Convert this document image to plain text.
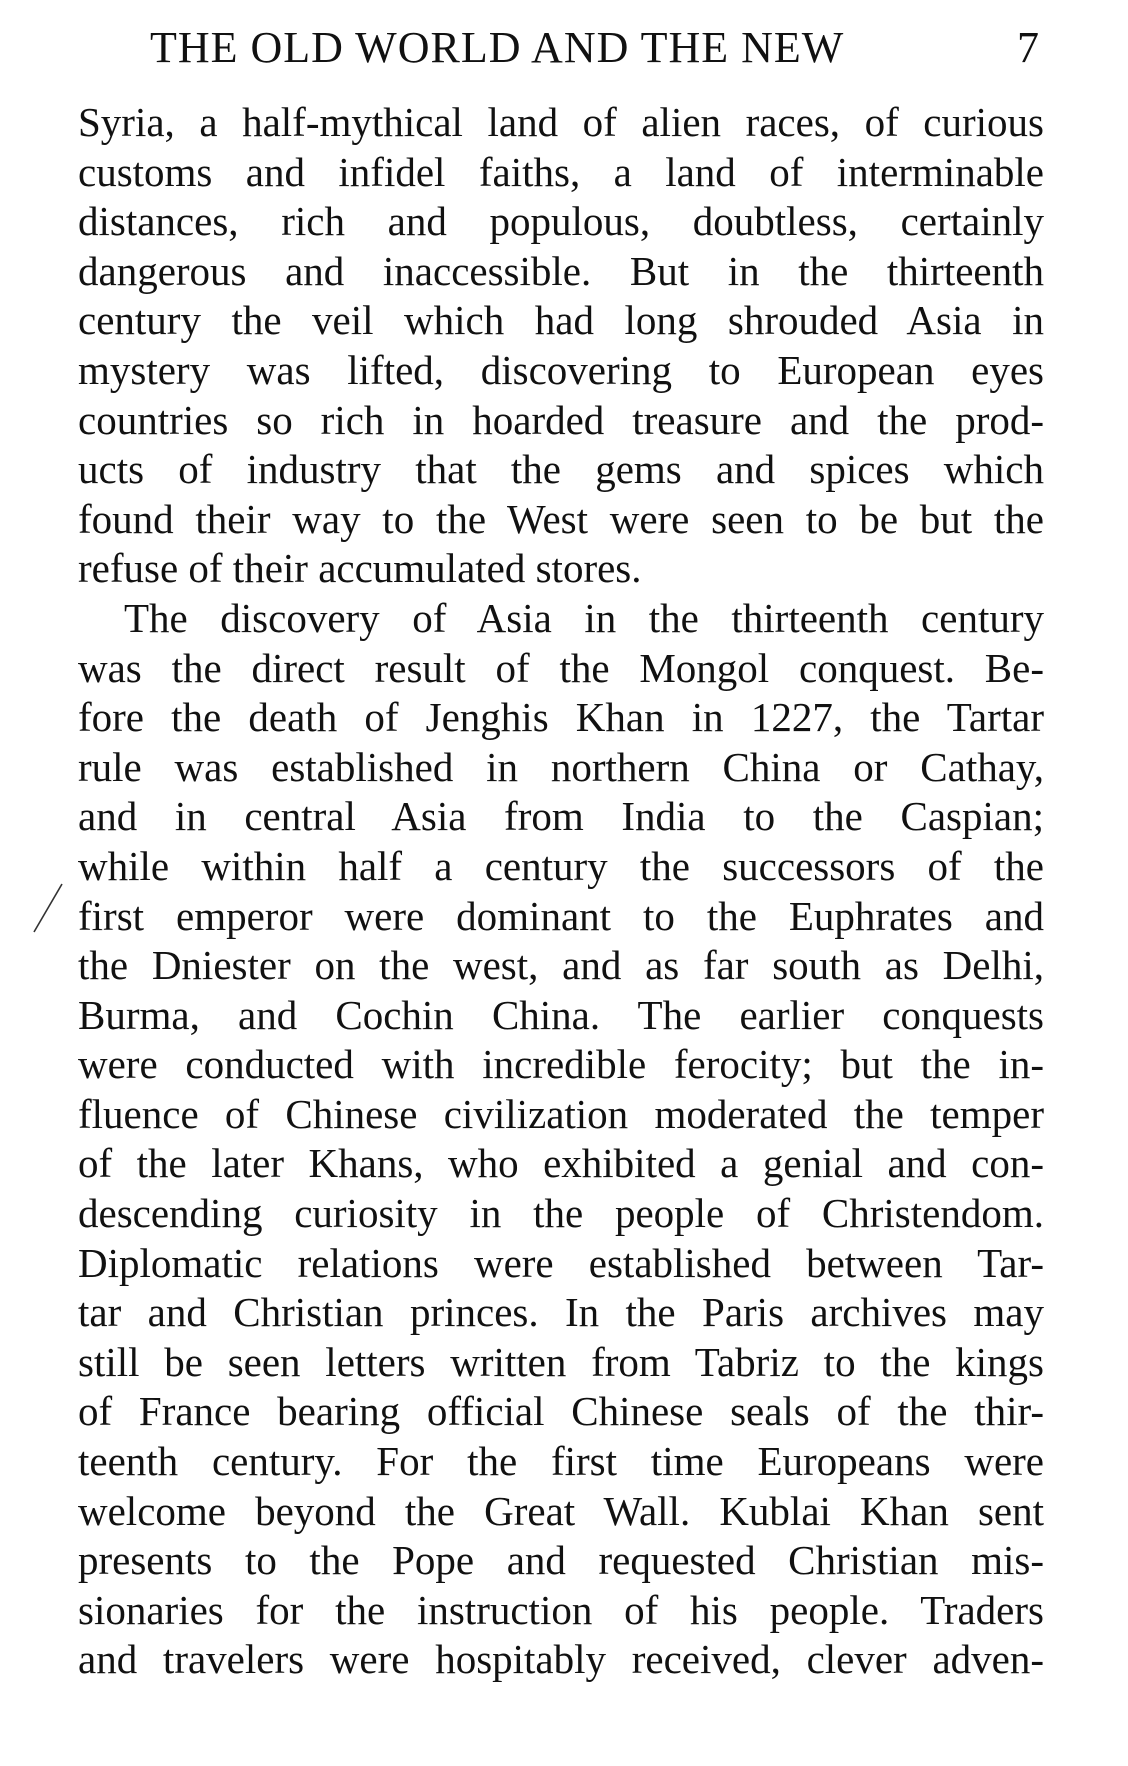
THE OLD WORLD AND THE NEW	7
Syria, a half-mythical land of alien races, of curious
customs and infidel faiths, a land of interminable
distances, rich and populous, doubtless, certainly
dangerous and inaccessible. But in the thirteenth
century the veil which had long shrouded Asia in
mystery was lifted, discovering to European eyes
countries so rich in hoarded treasure and the prod-
ucts of industry that the gems and spices which
found their way to the West were seen to be but the
refuse of their accumulated stores.
The discovery of Asia in the thirteenth century
was the direct result of the Mongol conquest. Be-
fore the death of Jenghis Khan in 1227, the Tartar
rule was established in northern China or Cathay,
and in central Asia from India to the Caspian;
while within half a century the successors of the
first emperor were dominant to the Euphrates and
the Dniester on the west, and as far south as Delhi,
Burma, and Cochin China. The earlier conquests
were conducted with incredible ferocity; but the in-
fluence of Chinese civilization moderated the temper
of the later Khans, who exhibited a genial and con-
descending curiosity in the people of Christendom.
Diplomatic relations were established between Tar-
tar and Christian princes. In the Paris archives may
still be seen letters written from Tabriz to the kings
of France bearing official Chinese seals of the thir-
teenth century. For the first time Europeans were
welcome beyond the Great Wall. Kublai Khan sent
presents to the Pope and requested Christian mis-
sionaries for the instruction of his people. Traders
and travelers were hospitably received, clever adven-
